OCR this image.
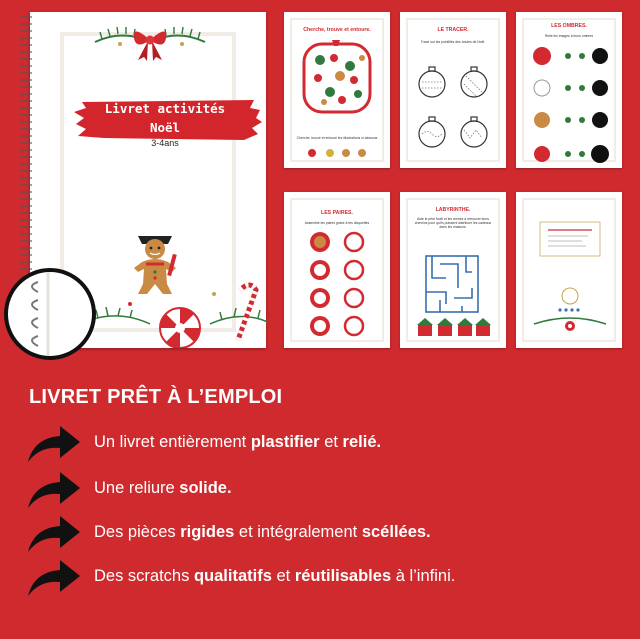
Livret activités
Noël
3-4ans
Cherche, trouve et entoure.
Cherche, trouve et entoure les illustrations ci-dessous
LE TRACER.
Trace sur les pointillés des boules de Noël.
LES OMBRES.
Relie les images à leurs ombres
LES PAIRES.
Assemble les paires grâce à tes disquettes
LABYRINTHE.
Aide le père Noël et les rennes à retrouver leurs chemins pour qu'ils puissent distribuer les cadeaux dans les maisons.
LIVRET PRÊT À L’EMPLOI
Un livret entièrement plastifier et relié.
Une reliure solide.
Des pièces rigides et intégralement scéllées.
Des scratchs qualitatifs et réutilisables à l’infini.
